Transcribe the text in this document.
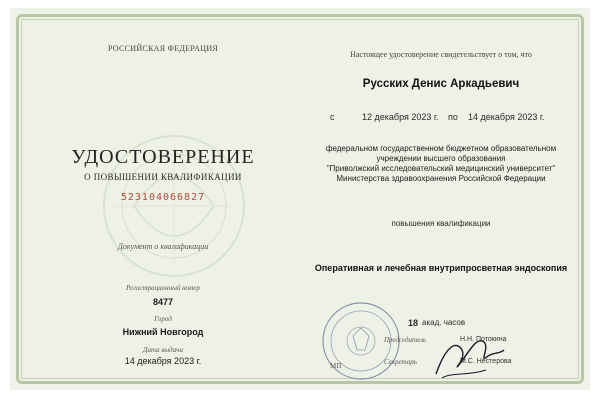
РОССИЙСКАЯ ФЕДЕРАЦИЯ
УДОСТОВЕРЕНИЕ
О ПОВЫШЕНИИ КВАЛИФИКАЦИИ
523104066827
Документ о квалификации
Регистрационный номер
8477
Город
Нижний Новгород
Дата выдачи
14 декабря 2023 г.
Настоящее удостоверение свидетельствует о том, что
Русских Денис Аркадьевич
с	12 декабря 2023 г. по 14 декабря 2023 г.
федеральном государственном бюджетном образовательном
учреждении высшего образования
"Приволжский исследовательский медицинский университет"
Министерства здравоохранения Российской Федерации
повышения квалификации
Оперативная и лечебная внутрипросветная эндоскопия
18 акад. часов
МП
Председатель
Секретарь
Н.Н. Потокина
М.С. Нестерова
